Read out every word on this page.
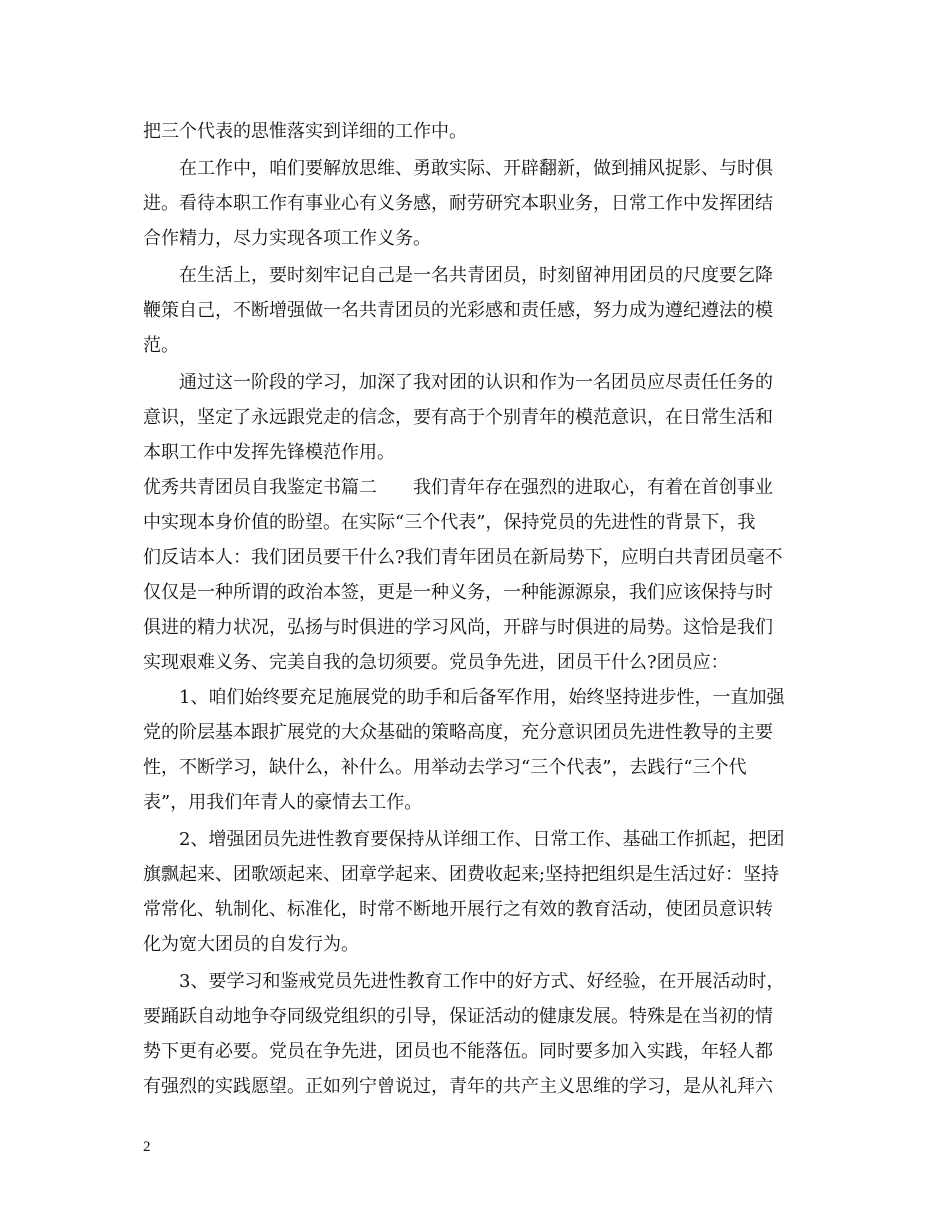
把三个代表的思惟落实到详细的工作中。
在工作中，咱们要解放思维、勇敢实际、开辟翻新，做到捕风捉影、与时俱
进。看待本职工作有事业心有义务感，耐劳研究本职业务，日常工作中发挥团结
合作精力，尽力实现各项工作义务。
在生活上，要时刻牢记自己是一名共青团员，时刻留神用团员的尺度要乞降
鞭策自己，不断增强做一名共青团员的光彩感和责任感，努力成为遵纪遵法的模
范。
通过这一阶段的学习，加深了我对团的认识和作为一名团员应尽责任任务的
意识，坚定了永远跟党走的信念，要有高于个别青年的模范意识，在日常生活和
本职工作中发挥先锋模范作用。
优秀共青团员自我鉴定书篇二　　我们青年存在强烈的进取心，有着在首创事业
中实现本身价值的盼望。在实际“三个代表”，保持党员的先进性的背景下，我
们反诘本人：我们团员要干什么?我们青年团员在新局势下，应明白共青团员毫不
仅仅是一种所谓的政治本签，更是一种义务，一种能源源泉，我们应该保持与时
俱进的精力状况，弘扬与时俱进的学习风尚，开辟与时俱进的局势。这恰是我们
实现艰难义务、完美自我的急切须要。党员争先进，团员干什么?团员应：
1、咱们始终要充足施展党的助手和后备军作用，始终坚持进步性，一直加强
党的阶层基本跟扩展党的大众基础的策略高度，充分意识团员先进性教导的主要
性，不断学习，缺什么，补什么。用举动去学习“三个代表”，去践行“三个代
表”，用我们年青人的豪情去工作。
2、增强团员先进性教育要保持从详细工作、日常工作、基础工作抓起，把团
旗飘起来、团歌颂起来、团章学起来、团费收起来;坚持把组织是生活过好：坚持
常常化、轨制化、标准化，时常不断地开展行之有效的教育活动，使团员意识转
化为宽大团员的自发行为。
3、要学习和鉴戒党员先进性教育工作中的好方式、好经验，在开展活动时，
要踊跃自动地争夺同级党组织的引导，保证活动的健康发展。特殊是在当初的情
势下更有必要。党员在争先进，团员也不能落伍。同时要多加入实践，年轻人都
有强烈的实践愿望。正如列宁曾说过，青年的共产主义思维的学习，是从礼拜六
2
